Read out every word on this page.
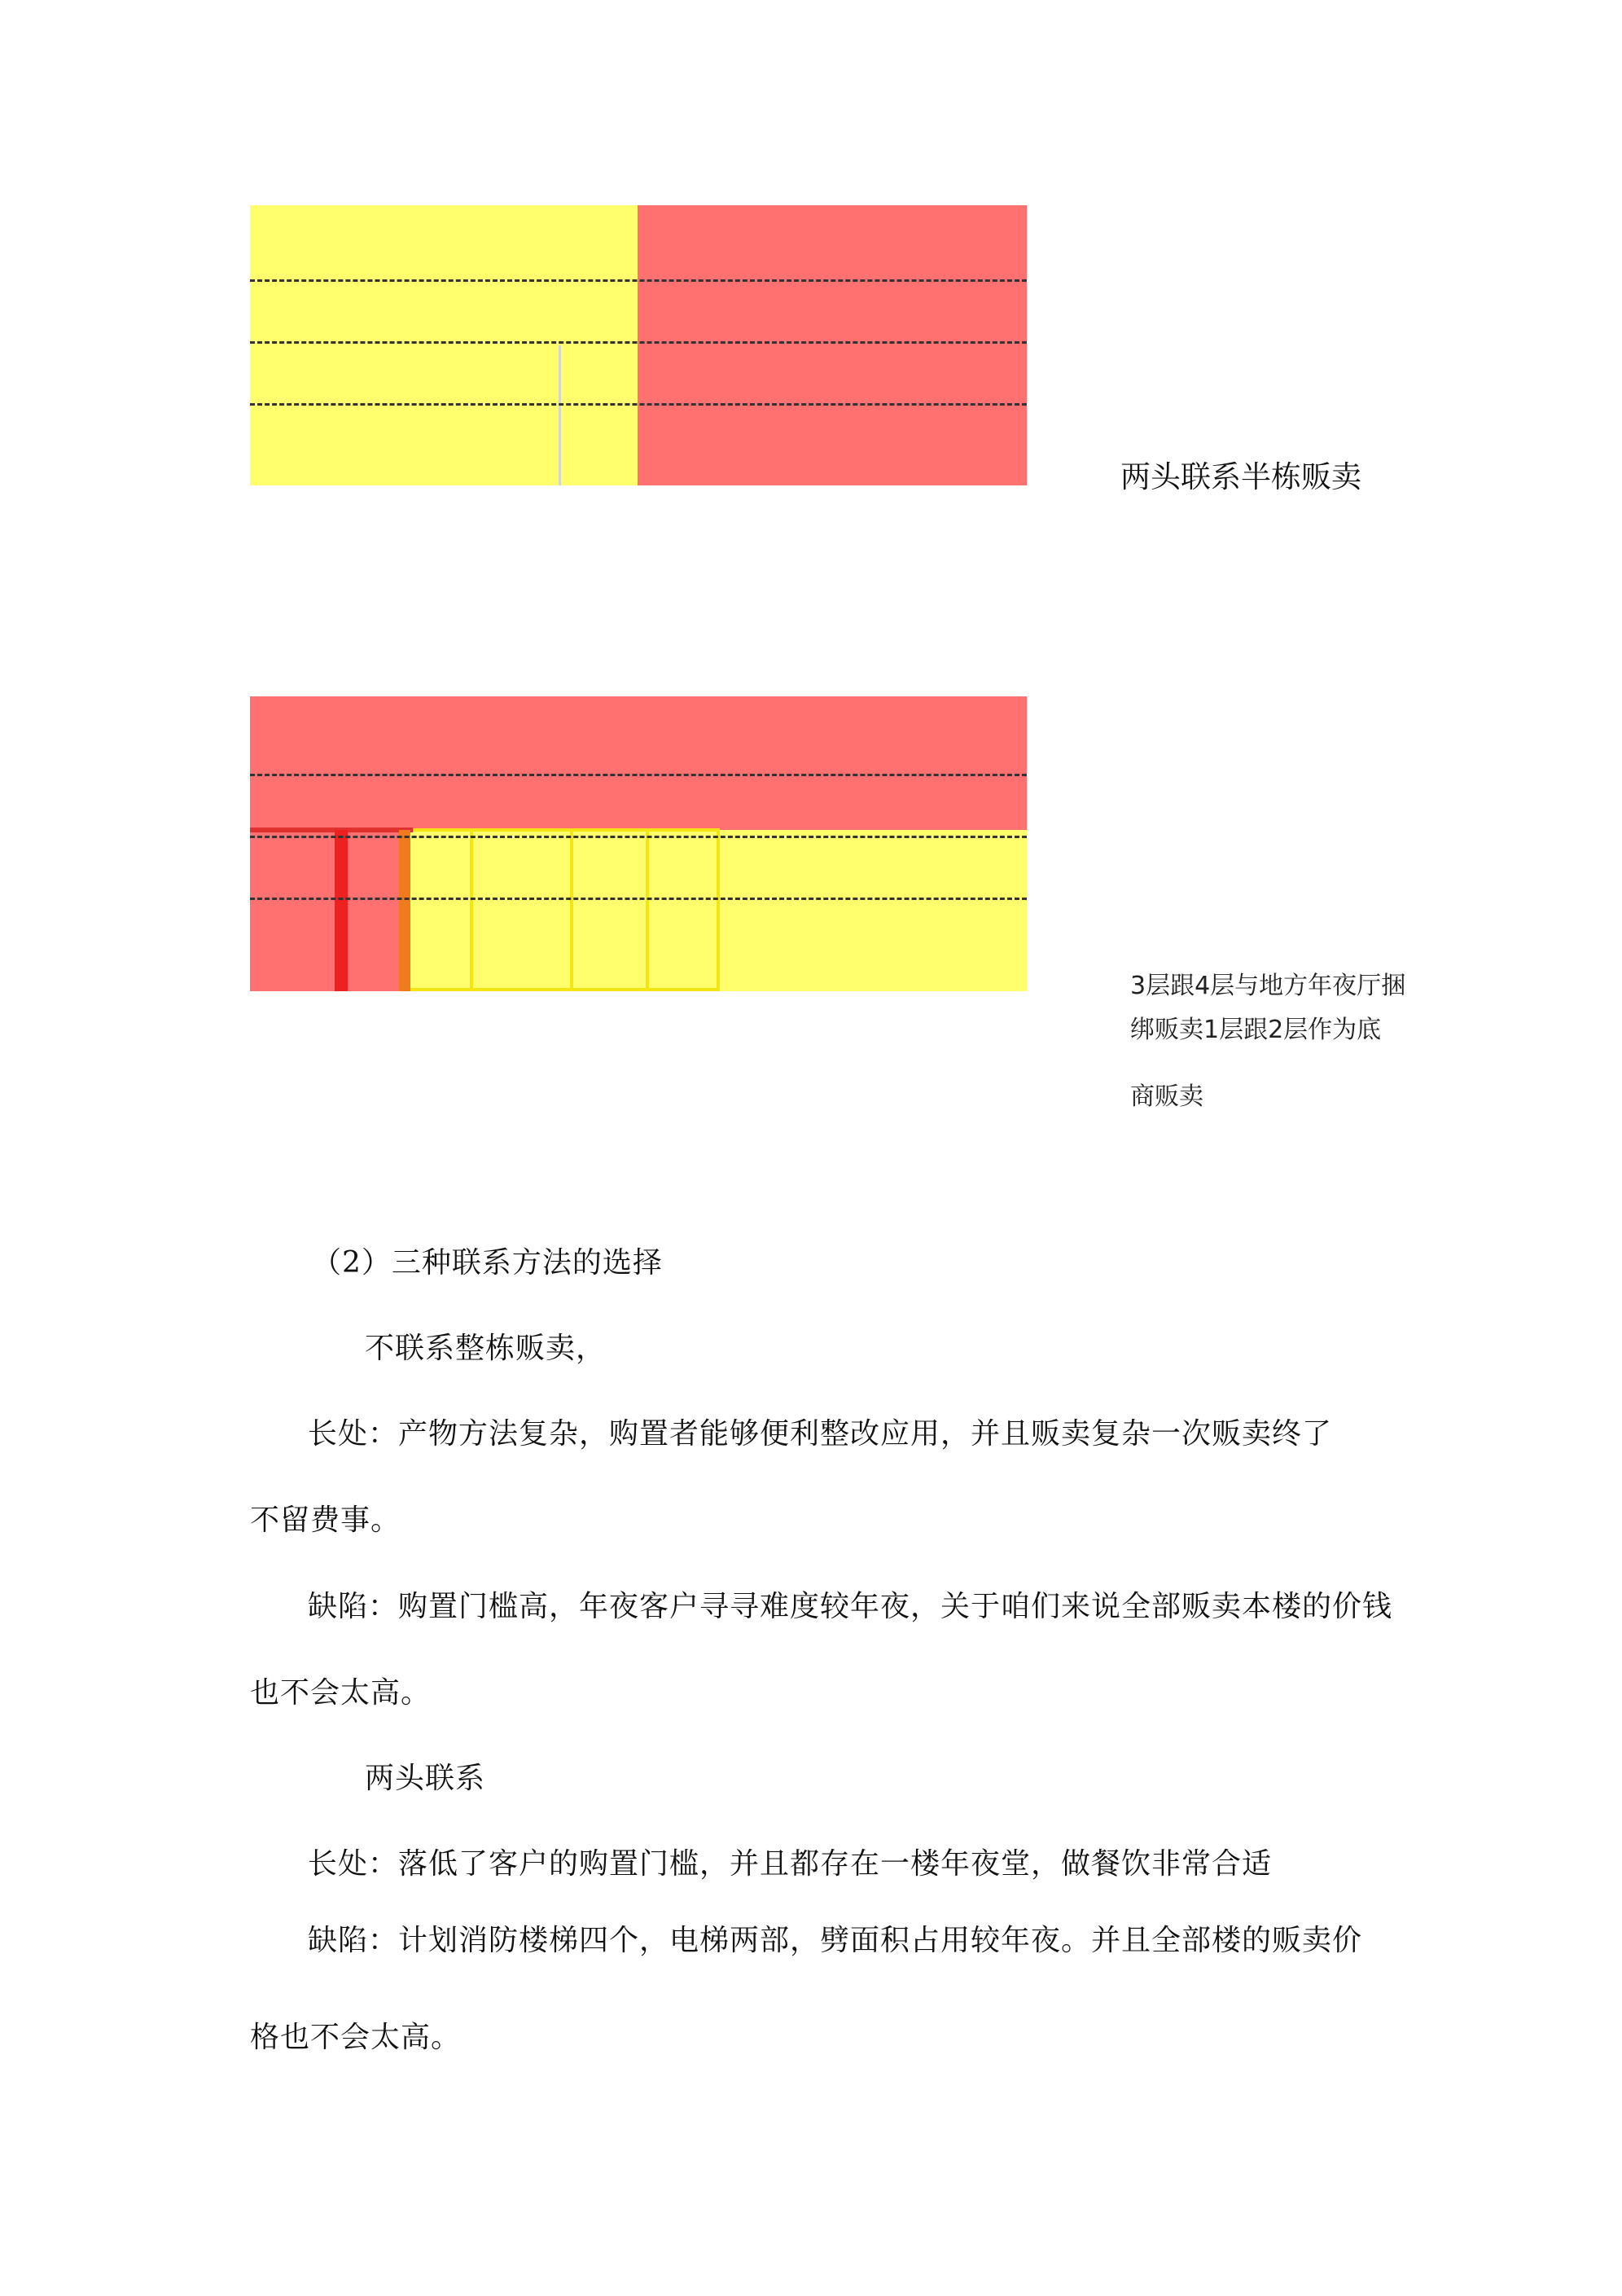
两头联系半栋贩卖
3层跟4层与地方年夜厅捆
绑贩卖1层跟2层作为底
商贩卖
（2）三种联系方法的选择
不联系整栋贩卖，
长处：产物方法复杂，购置者能够便利整改应用，并且贩卖复杂一次贩卖终了
不留费事。
缺陷：购置门槛高，年夜客户寻寻难度较年夜，关于咱们来说全部贩卖本楼的价钱
也不会太高。
两头联系
长处：落低了客户的购置门槛，并且都存在一楼年夜堂，做餐饮非常合适
缺陷：计划消防楼梯四个，电梯两部，劈面积占用较年夜。并且全部楼的贩卖价
格也不会太高。
